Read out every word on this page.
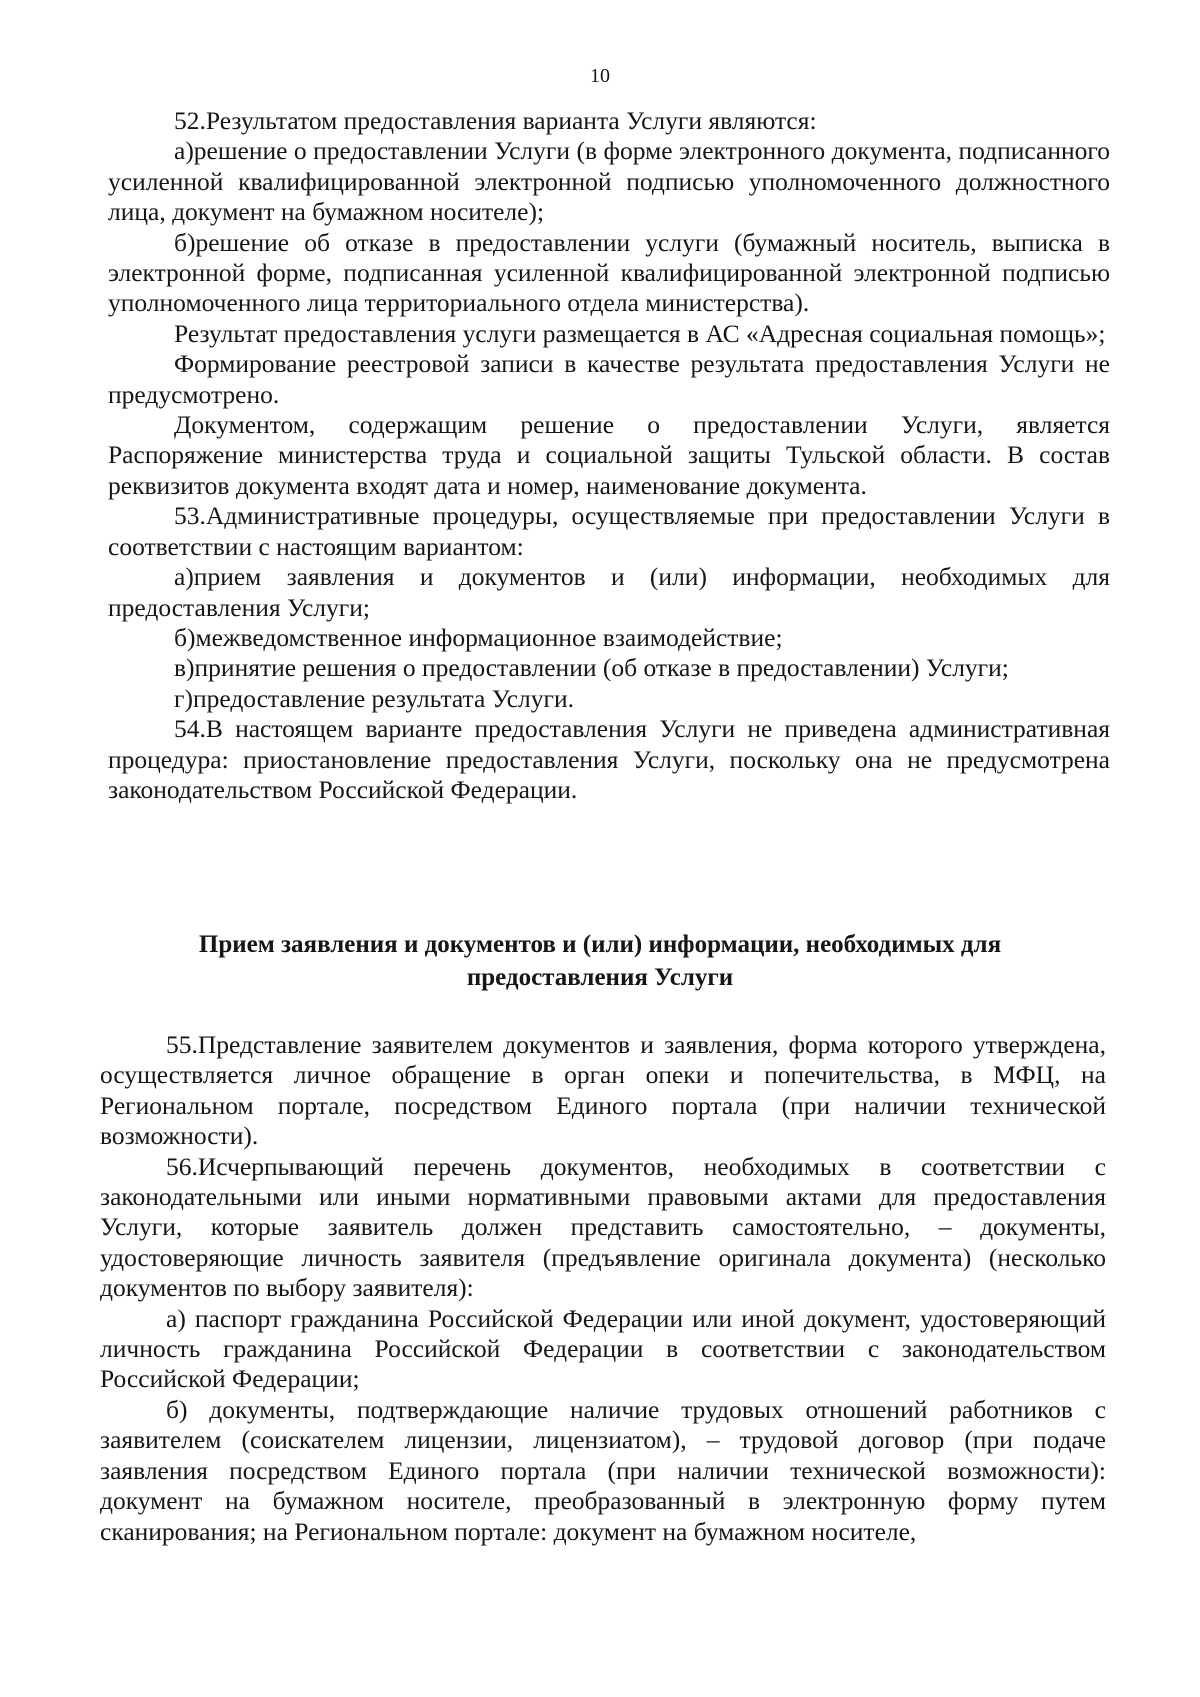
10

52.Результатом предоставления варианта Услуги являются:

а)решение о предоставлении Услуги (в форме электронного документа, подписанного усиленной квалифицированной электронной подписью уполномоченного должностного лица, документ на бумажном носителе);

б)решение об отказе в предоставлении услуги (бумажный носитель, выписка в электронной форме, подписанная усиленной квалифицированной электронной подписью уполномоченного лица территориального отдела министерства).

Результат предоставления услуги размещается в АС «Адресная социальная помощь»;

Формирование реестровой записи в качестве результата предоставления Услуги не предусмотрено.

Документом, содержащим решение о предоставлении Услуги, является Распоряжение министерства труда и социальной защиты Тульской области. В состав реквизитов документа входят дата и номер, наименование документа.

53.Административные процедуры, осуществляемые при предоставлении Услуги в соответствии с настоящим вариантом:

а)прием заявления и документов и (или) информации, необходимых для предоставления Услуги;

б)межведомственное информационное взаимодействие;

в)принятие решения о предоставлении (об отказе в предоставлении) Услуги;

г)предоставление результата Услуги.

54.В настоящем варианте предоставления Услуги не приведена административная процедура: приостановление предоставления Услуги, поскольку она не предусмотрена законодательством Российской Федерации.

Прием заявления и документов и (или) информации, необходимых для
предоставления Услуги

55.Представление заявителем документов и заявления, форма которого утверждена, осуществляется личное обращение в орган опеки и попечительства, в МФЦ, на Региональном портале, посредством Единого портала (при наличии технической возможности).

56.Исчерпывающий перечень документов, необходимых в соответствии с законодательными или иными нормативными правовыми актами для предоставления Услуги, которые заявитель должен представить самостоятельно, – документы, удостоверяющие личность заявителя (предъявление оригинала документа) (несколько документов по выбору заявителя):

а) паспорт гражданина Российской Федерации или иной документ, удостоверяющий личность гражданина Российской Федерации в соответствии с законодательством Российской Федерации;

б) документы, подтверждающие наличие трудовых отношений работников с заявителем (соискателем лицензии, лицензиатом), – трудовой договор (при подаче заявления посредством Единого портала (при наличии технической возможности): документ на бумажном носителе, преобразованный в электронную форму путем сканирования; на Региональном портале: документ на бумажном носителе,
